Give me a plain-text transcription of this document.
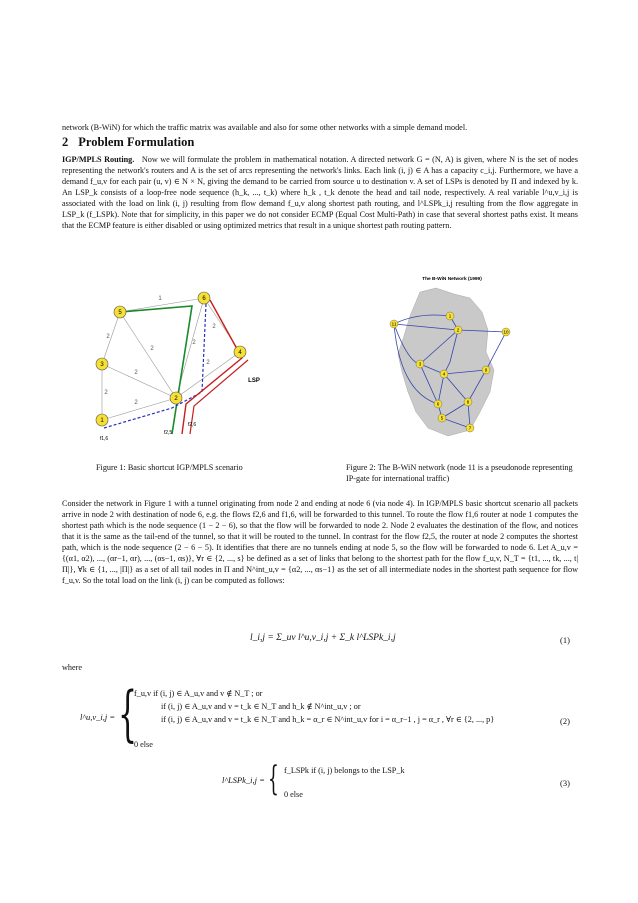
network (B-WiN) for which the traffic matrix was available and also for some other networks with a simple demand model.
2 Problem Formulation
IGP/MPLS Routing. Now we will formulate the problem in mathematical notation. A directed network G = (N, A) is given, where N is the set of nodes representing the network's routers and A is the set of arcs representing the network's links. Each link (i, j) ∈ A has a capacity c_i,j. Furthermore, we have a demand f_u,v for each pair (u, v) ∈ N × N, giving the demand to be carried from source u to destination v. A set of LSPs is denoted by Π and indexed by k. An LSP_k consists of a loop-free node sequence (h_k, ..., t_k) where h_k , t_k denote the head and tail node, respectively. A real variable l^u,v_i,j is associated with the load on link (i, j) resulting from flow demand f_u,v along shortest path routing, and l^LSPk_i,j resulting from the flow aggregate in LSP_k (f_LSPk). Note that for simplicity, in this paper we do not consider ECMP (Equal Cost Multi-Path) in case that several shortest paths exist. It means that the ECMP feature is either disabled or using optimized metrics that result in a unique shortest path routing pattern.
5
6
3
4
2
1
1
2
2
2
2
2
2
2
2
LSP
f1,6
f2,5
f2,6
The B-WiN Network (1999)
1
2
3
4
5
6
7
8
9
10
11
Figure 1: Basic shortcut IGP/MPLS scenario	Figure 2: The B-WiN network (node 11 is a pseudonode representing IP-gate for international traffic)
Consider the network in Figure 1 with a tunnel originating from node 2 and ending at node 6 (via node 4). In IGP/MPLS basic shortcut scenario all packets arrive in node 2 with destination of node 6, e.g. the flows f2,6 and f1,6, will be forwarded to this tunnel. To route the flow f1,6 router at node 1 computes the shortest path which is the node sequence (1 − 2 − 6), so that the flow will be forwarded to node 2. Node 2 evaluates the destination of the flow, and notices that it is the same as the tail-end of the tunnel, so that it will be routed to the tunnel. In contrast for the flow f2,5, the router at node 2 computes the shortest path, which is the node sequence (2 − 6 − 5). It identifies that there are no tunnels ending at node 5, so the flow will be forwarded to node 6. Let A_u,v = {(α1, α2), ..., (αr−1, αr), ..., (αs−1, αs)}, ∀r ∈ {2, ..., s} be defined as a set of links that belong to the shortest path for the flow f_u,v, N_T = {t1, ..., tk, ..., t|Π|}, ∀k ∈ {1, ..., |Π|} as a set of all tail nodes in Π and N^int_u,v = {α2, ..., αs−1} as the set of all intermediate nodes in the shortest path sequence for flow f_u,v. So the total load on the link (i, j) can be computed as follows:
l_i,j = Σ_uv l^u,v_i,j + Σ_k l^LSPk_i,j	(1)
where
l^u,v_i,j = {
f_u,v if (i, j) ∈ A_u,v and v ∉ N_T ; or
if (i, j) ∈ A_u,v and v = t_k ∈ N_T and h_k ∉ N^int_u,v ; or
if (i, j) ∈ A_u,v and v = t_k ∈ N_T and h_k = α_r ∈ N^int_u,v for i = α_r−1 , j = α_r , ∀r ∈ {2, ..., p}
0 else
(2)
l^LSPk_i,j = { f_LSPk if (i, j) belongs to the LSP_k
0 else
(3)
